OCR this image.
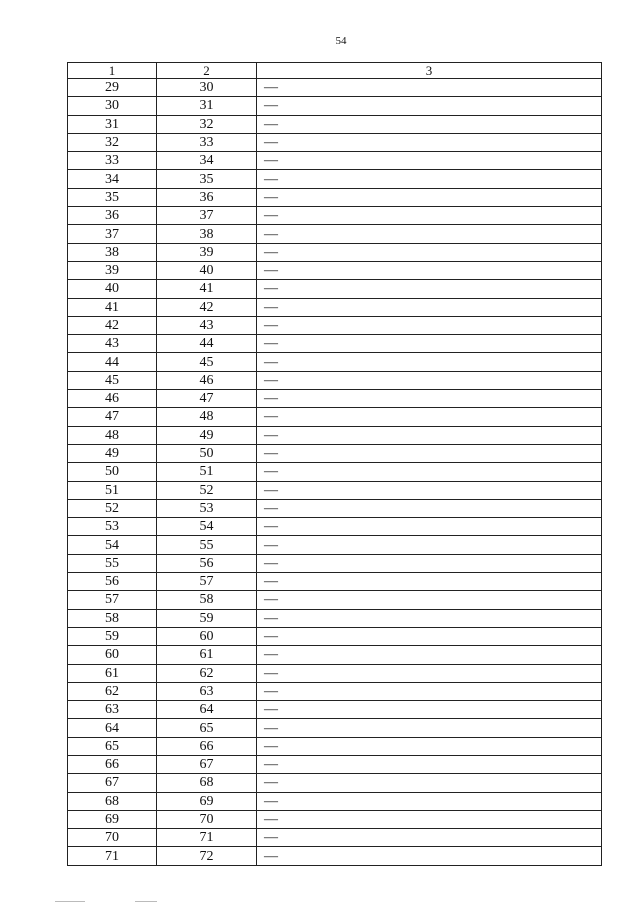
54
1	2	3
29	30	—
30	31	—
31	32	—
32	33	—
33	34	—
34	35	—
35	36	—
36	37	—
37	38	—
38	39	—
39	40	—
40	41	—
41	42	—
42	43	—
43	44	—
44	45	—
45	46	—
46	47	—
47	48	—
48	49	—
49	50	—
50	51	—
51	52	—
52	53	—
53	54	—
54	55	—
55	56	—
56	57	—
57	58	—
58	59	—
59	60	—
60	61	—
61	62	—
62	63	—
63	64	—
64	65	—
65	66	—
66	67	—
67	68	—
68	69	—
69	70	—
70	71	—
71	72	—
